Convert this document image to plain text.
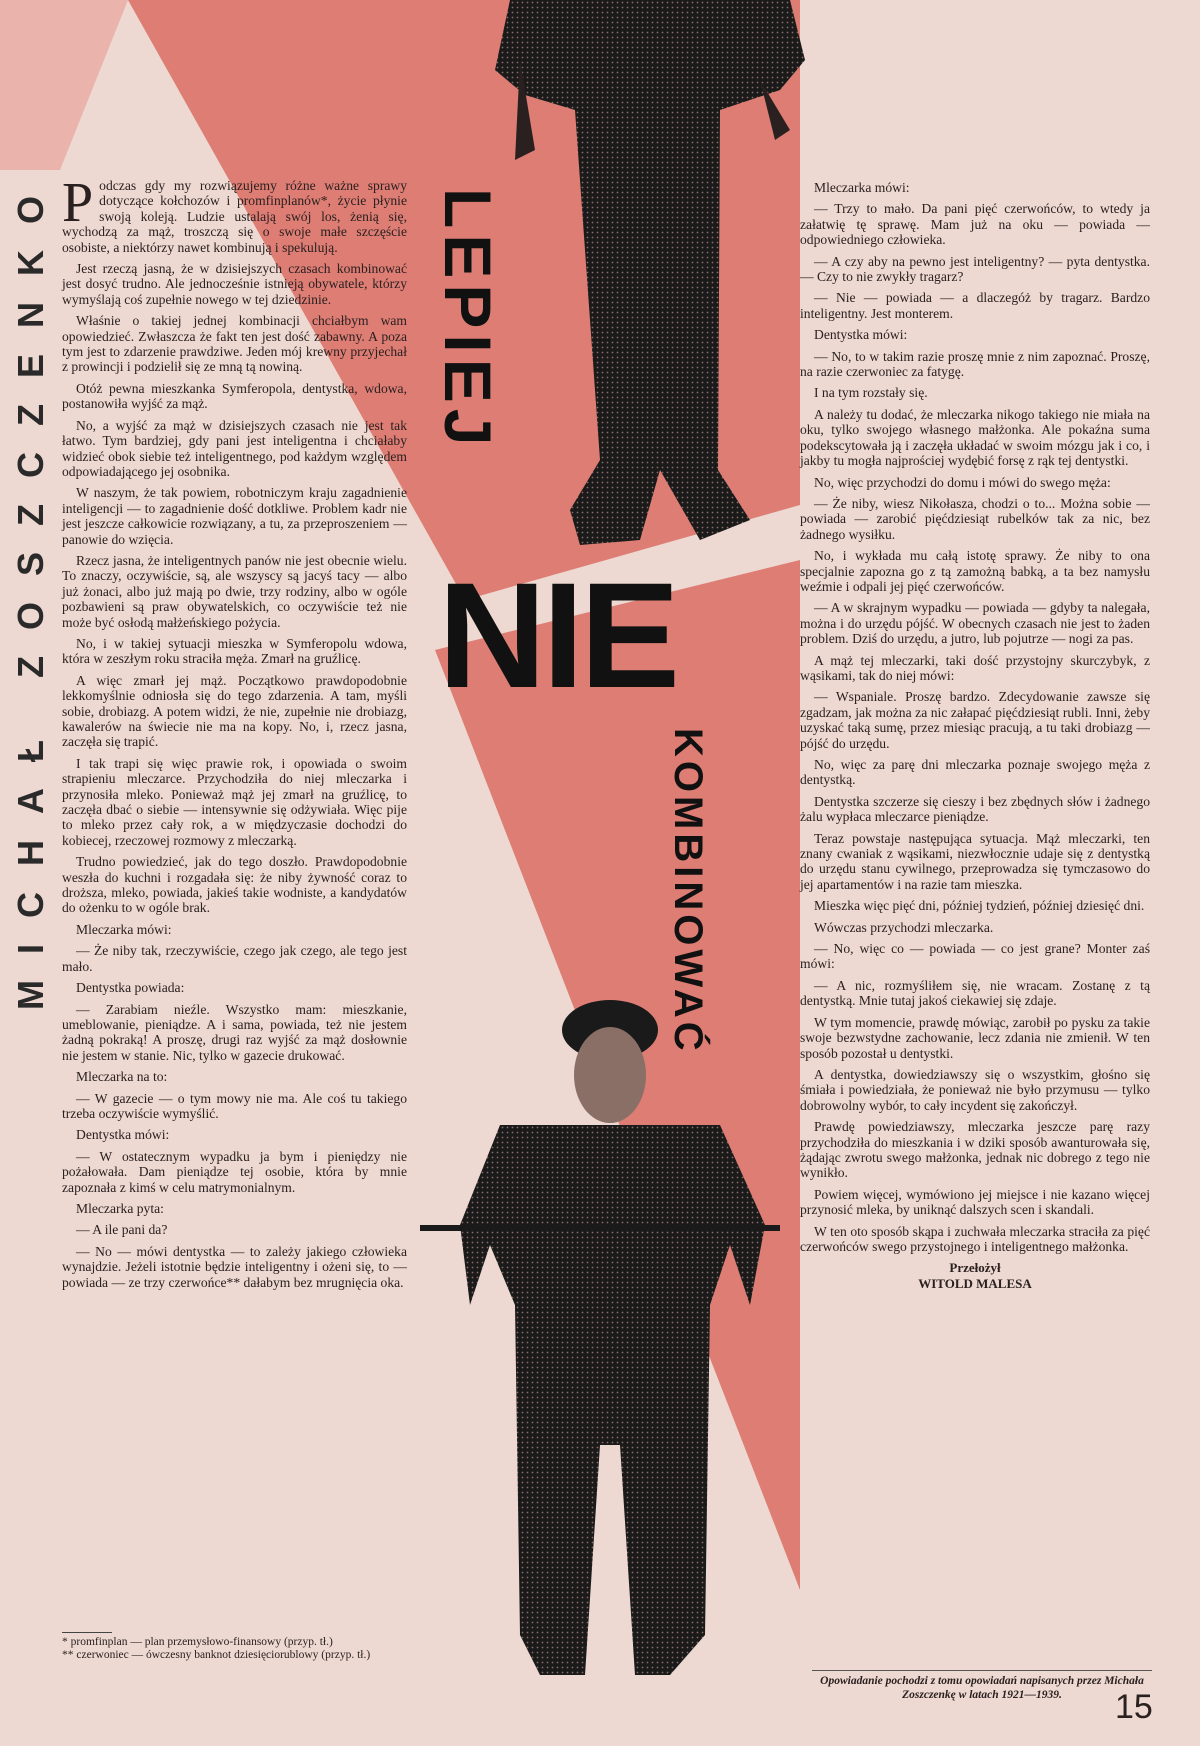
MICHAŁ ZOSZCZENKO	LEPIEJ
NIE
KOMBINOWAĆ

Podczas gdy my rozwiązujemy różne ważne sprawy dotyczące kołchozów i promfinplanów*, życie płynie swoją koleją. Ludzie ustalają swój los, żenią się, wychodzą za mąż, troszczą się o swoje małe szczęście osobiste, a niektórzy nawet kombinują i spekulują.

Jest rzeczą jasną, że w dzisiejszych czasach kombinować jest dosyć trudno. Ale jednocześnie istnieją obywatele, którzy wymyślają coś zupełnie nowego w tej dziedzinie.

Właśnie o takiej jednej kombinacji chciałbym wam opowiedzieć. Zwłaszcza że fakt ten jest dość zabawny. A poza tym jest to zdarzenie prawdziwe. Jeden mój krewny przyjechał z prowincji i podzielił się ze mną tą nowiną.

Otóż pewna mieszkanka Symferopola, dentystka, wdowa, postanowiła wyjść za mąż.

No, a wyjść za mąż w dzisiejszych czasach nie jest tak łatwo. Tym bardziej, gdy pani jest inteligentna i chciałaby widzieć obok siebie też inteligentnego, pod każdym względem odpowiadającego jej osobnika.

W naszym, że tak powiem, robotniczym kraju zagadnienie inteligencji — to zagadnienie dość dotkliwe. Problem kadr nie jest jeszcze całkowicie rozwiązany, a tu, za przeproszeniem — panowie do wzięcia.

Rzecz jasna, że inteligentnych panów nie jest obecnie wielu. To znaczy, oczywiście, są, ale wszyscy są jacyś tacy — albo już żonaci, albo już mają po dwie, trzy rodziny, albo w ogóle pozbawieni są praw obywatelskich, co oczywiście też nie może być osłodą małżeńskiego pożycia.

No, i w takiej sytuacji mieszka w Symferopolu wdowa, która w zeszłym roku straciła męża. Zmarł na gruźlicę.

A więc zmarł jej mąż. Początkowo prawdopodobnie lekkomyślnie odniosła się do tego zdarzenia. A tam, myśli sobie, drobiazg. A potem widzi, że nie, zupełnie nie drobiazg, kawalerów na świecie nie ma na kopy. No, i, rzecz jasna, zaczęła się trapić.

I tak trapi się więc prawie rok, i opowiada o swoim strapieniu mleczarce. Przychodziła do niej mleczarka i przynosiła mleko. Ponieważ mąż jej zmarł na gruźlicę, to zaczęła dbać o siebie — intensywnie się odżywiała. Więc pije to mleko przez cały rok, a w międzyczasie dochodzi do kobiecej, rzeczowej rozmowy z mleczarką.

Trudno powiedzieć, jak do tego doszło. Prawdopodobnie weszła do kuchni i rozgadała się: że niby żywność coraz to droższa, mleko, powiada, jakieś takie wodniste, a kandydatów do ożenku to w ogóle brak.

Mleczarka mówi:

— Że niby tak, rzeczywiście, czego jak czego, ale tego jest mało.

Dentystka powiada:

— Zarabiam nieźle. Wszystko mam: mieszkanie, umeblowanie, pieniądze. A i sama, powiada, też nie jestem żadną pokraką! A proszę, drugi raz wyjść za mąż dosłownie nie jestem w stanie. Nic, tylko w gazecie drukować.

Mleczarka na to:

— W gazecie — o tym mowy nie ma. Ale coś tu takiego trzeba oczywiście wymyślić.

Dentystka mówi:

— W ostatecznym wypadku ja bym i pieniędzy nie pożałowała. Dam pieniądze tej osobie, która by mnie zapoznała z kimś w celu matrymonialnym.

Mleczarka pyta:

— A ile pani da?

— No — mówi dentystka — to zależy jakiego człowieka wynajdzie. Jeżeli istotnie będzie inteligentny i ożeni się, to — powiada — ze trzy czerwońce** dałabym bez mrugnięcia oka.

* promfinplan — plan przemysłowo-finansowy (przyp. tł.)
** czerwoniec — ówczesny banknot dziesięciorublowy (przyp. tł.)

Mleczarka mówi:

— Trzy to mało. Da pani pięć czerwońców, to wtedy ja załatwię tę sprawę. Mam już na oku — powiada — odpowiedniego człowieka.

— A czy aby na pewno jest inteligentny? — pyta dentystka. — Czy to nie zwykły tragarz?

— Nie — powiada — a dlaczegóż by tragarz. Bardzo inteligentny. Jest monterem.

Dentystka mówi:

— No, to w takim razie proszę mnie z nim zapoznać. Proszę, na razie czerwoniec za fatygę.

I na tym rozstały się.

A należy tu dodać, że mleczarka nikogo takiego nie miała na oku, tylko swojego własnego małżonka. Ale pokaźna suma podekscytowała ją i zaczęła układać w swoim mózgu jak i co, i jakby tu mogła najprościej wydębić forsę z rąk tej dentystki.

No, więc przychodzi do domu i mówi do swego męża:

— Że niby, wiesz Nikołasza, chodzi o to... Można sobie — powiada — zarobić pięćdziesiąt rubelków tak za nic, bez żadnego wysiłku.

No, i wykłada mu całą istotę sprawy. Że niby to ona specjalnie zapozna go z tą zamożną babką, a ta bez namysłu weźmie i odpali jej pięć czerwońców.

— A w skrajnym wypadku — powiada — gdyby ta nalegała, można i do urzędu pójść. W obecnych czasach nie jest to żaden problem. Dziś do urzędu, a jutro, lub pojutrze — nogi za pas.

A mąż tej mleczarki, taki dość przystojny skurczybyk, z wąsikami, tak do niej mówi:

— Wspaniale. Proszę bardzo. Zdecydowanie zawsze się zgadzam, jak można za nic załapać pięćdziesiąt rubli. Inni, żeby uzyskać taką sumę, przez miesiąc pracują, a tu taki drobiazg — pójść do urzędu.

No, więc za parę dni mleczarka poznaje swojego męża z dentystką.

Dentystka szczerze się cieszy i bez zbędnych słów i żadnego żalu wypłaca mleczarce pieniądze.

Teraz powstaje następująca sytuacja. Mąż mleczarki, ten znany cwaniak z wąsikami, niezwłocznie udaje się z dentystką do urzędu stanu cywilnego, przeprowadza się tymczasowo do jej apartamentów i na razie tam mieszka.

Mieszka więc pięć dni, później tydzień, później dziesięć dni.

Wówczas przychodzi mleczarka.

— No, więc co — powiada — co jest grane? Monter zaś mówi:

— A nic, rozmyśliłem się, nie wracam. Zostanę z tą dentystką. Mnie tutaj jakoś ciekawiej się zdaje.

W tym momencie, prawdę mówiąc, zarobił po pysku za takie swoje bezwstydne zachowanie, lecz zdania nie zmienił. W ten sposób pozostał u dentystki.

A dentystka, dowiedziawszy się o wszystkim, głośno się śmiała i powiedziała, że ponieważ nie było przymusu — tylko dobrowolny wybór, to cały incydent się zakończył.

Prawdę powiedziawszy, mleczarka jeszcze parę razy przychodziła do mieszkania i w dziki sposób awanturowała się, żądając zwrotu swego małżonka, jednak nic dobrego z tego nie wynikło.

Powiem więcej, wymówiono jej miejsce i nie kazano więcej przynosić mleka, by uniknąć dalszych scen i skandali.

W ten oto sposób skąpa i zuchwała mleczarka straciła za pięć czerwońców swego przystojnego i inteligentnego małżonka.

Przełożył
WITOLD MALESA
Opowiadanie pochodzi z tomu opowiadań napisanych przez Michała Zoszczenkę w latach 1921—1939.	15
